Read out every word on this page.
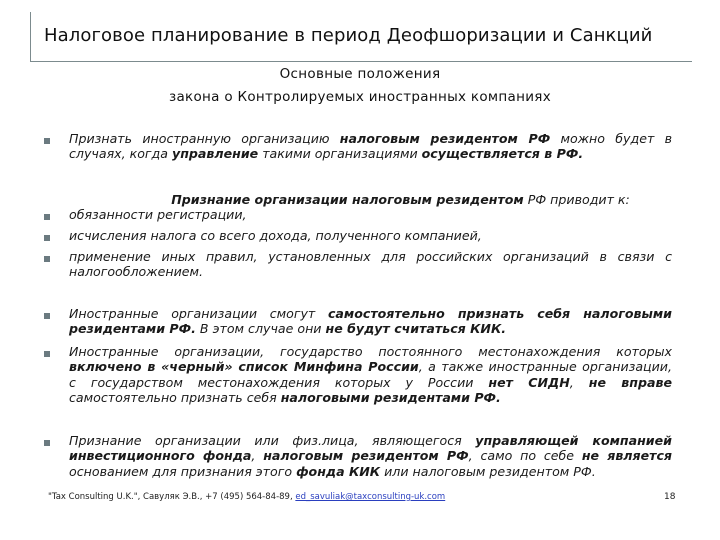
Налоговое планирование в период Деофшоризации и Санкций
Основные положения
закона о Контролируемых иностранных компаниях
Признать иностранную организацию налоговым резидентом РФ можно будет в
случаях, когда управление такими организациями осуществляется в РФ.
Признание организации налоговым резидентом РФ приводит к:
обязанности регистрации,
исчисления налога со всего дохода, полученного компанией,
применение иных правил, установленных для российских организаций в связи с
налогообложением.
Иностранные организации смогут самостоятельно признать себя налоговыми
резидентами РФ. В этом случае они не будут считаться КИК.
Иностранные организации, государство постоянного местонахождения которых
включено в «черный» список Минфина России, а также иностранные организации,
с государством местонахождения которых у России нет СИДН, не вправе
самостоятельно признать себя налоговыми резидентами РФ.
Признание организации или физ.лица, являющегося управляющей компанией
инвестиционного фонда, налоговым резидентом РФ, само по себе не является
основанием для признания этого фонда КИК или налоговым резидентом РФ.
"Tax Consulting U.K.", Савуляк Э.В., +7 (495) 564-84-89, ed_savuliak@taxconsulting-uk.com	18
